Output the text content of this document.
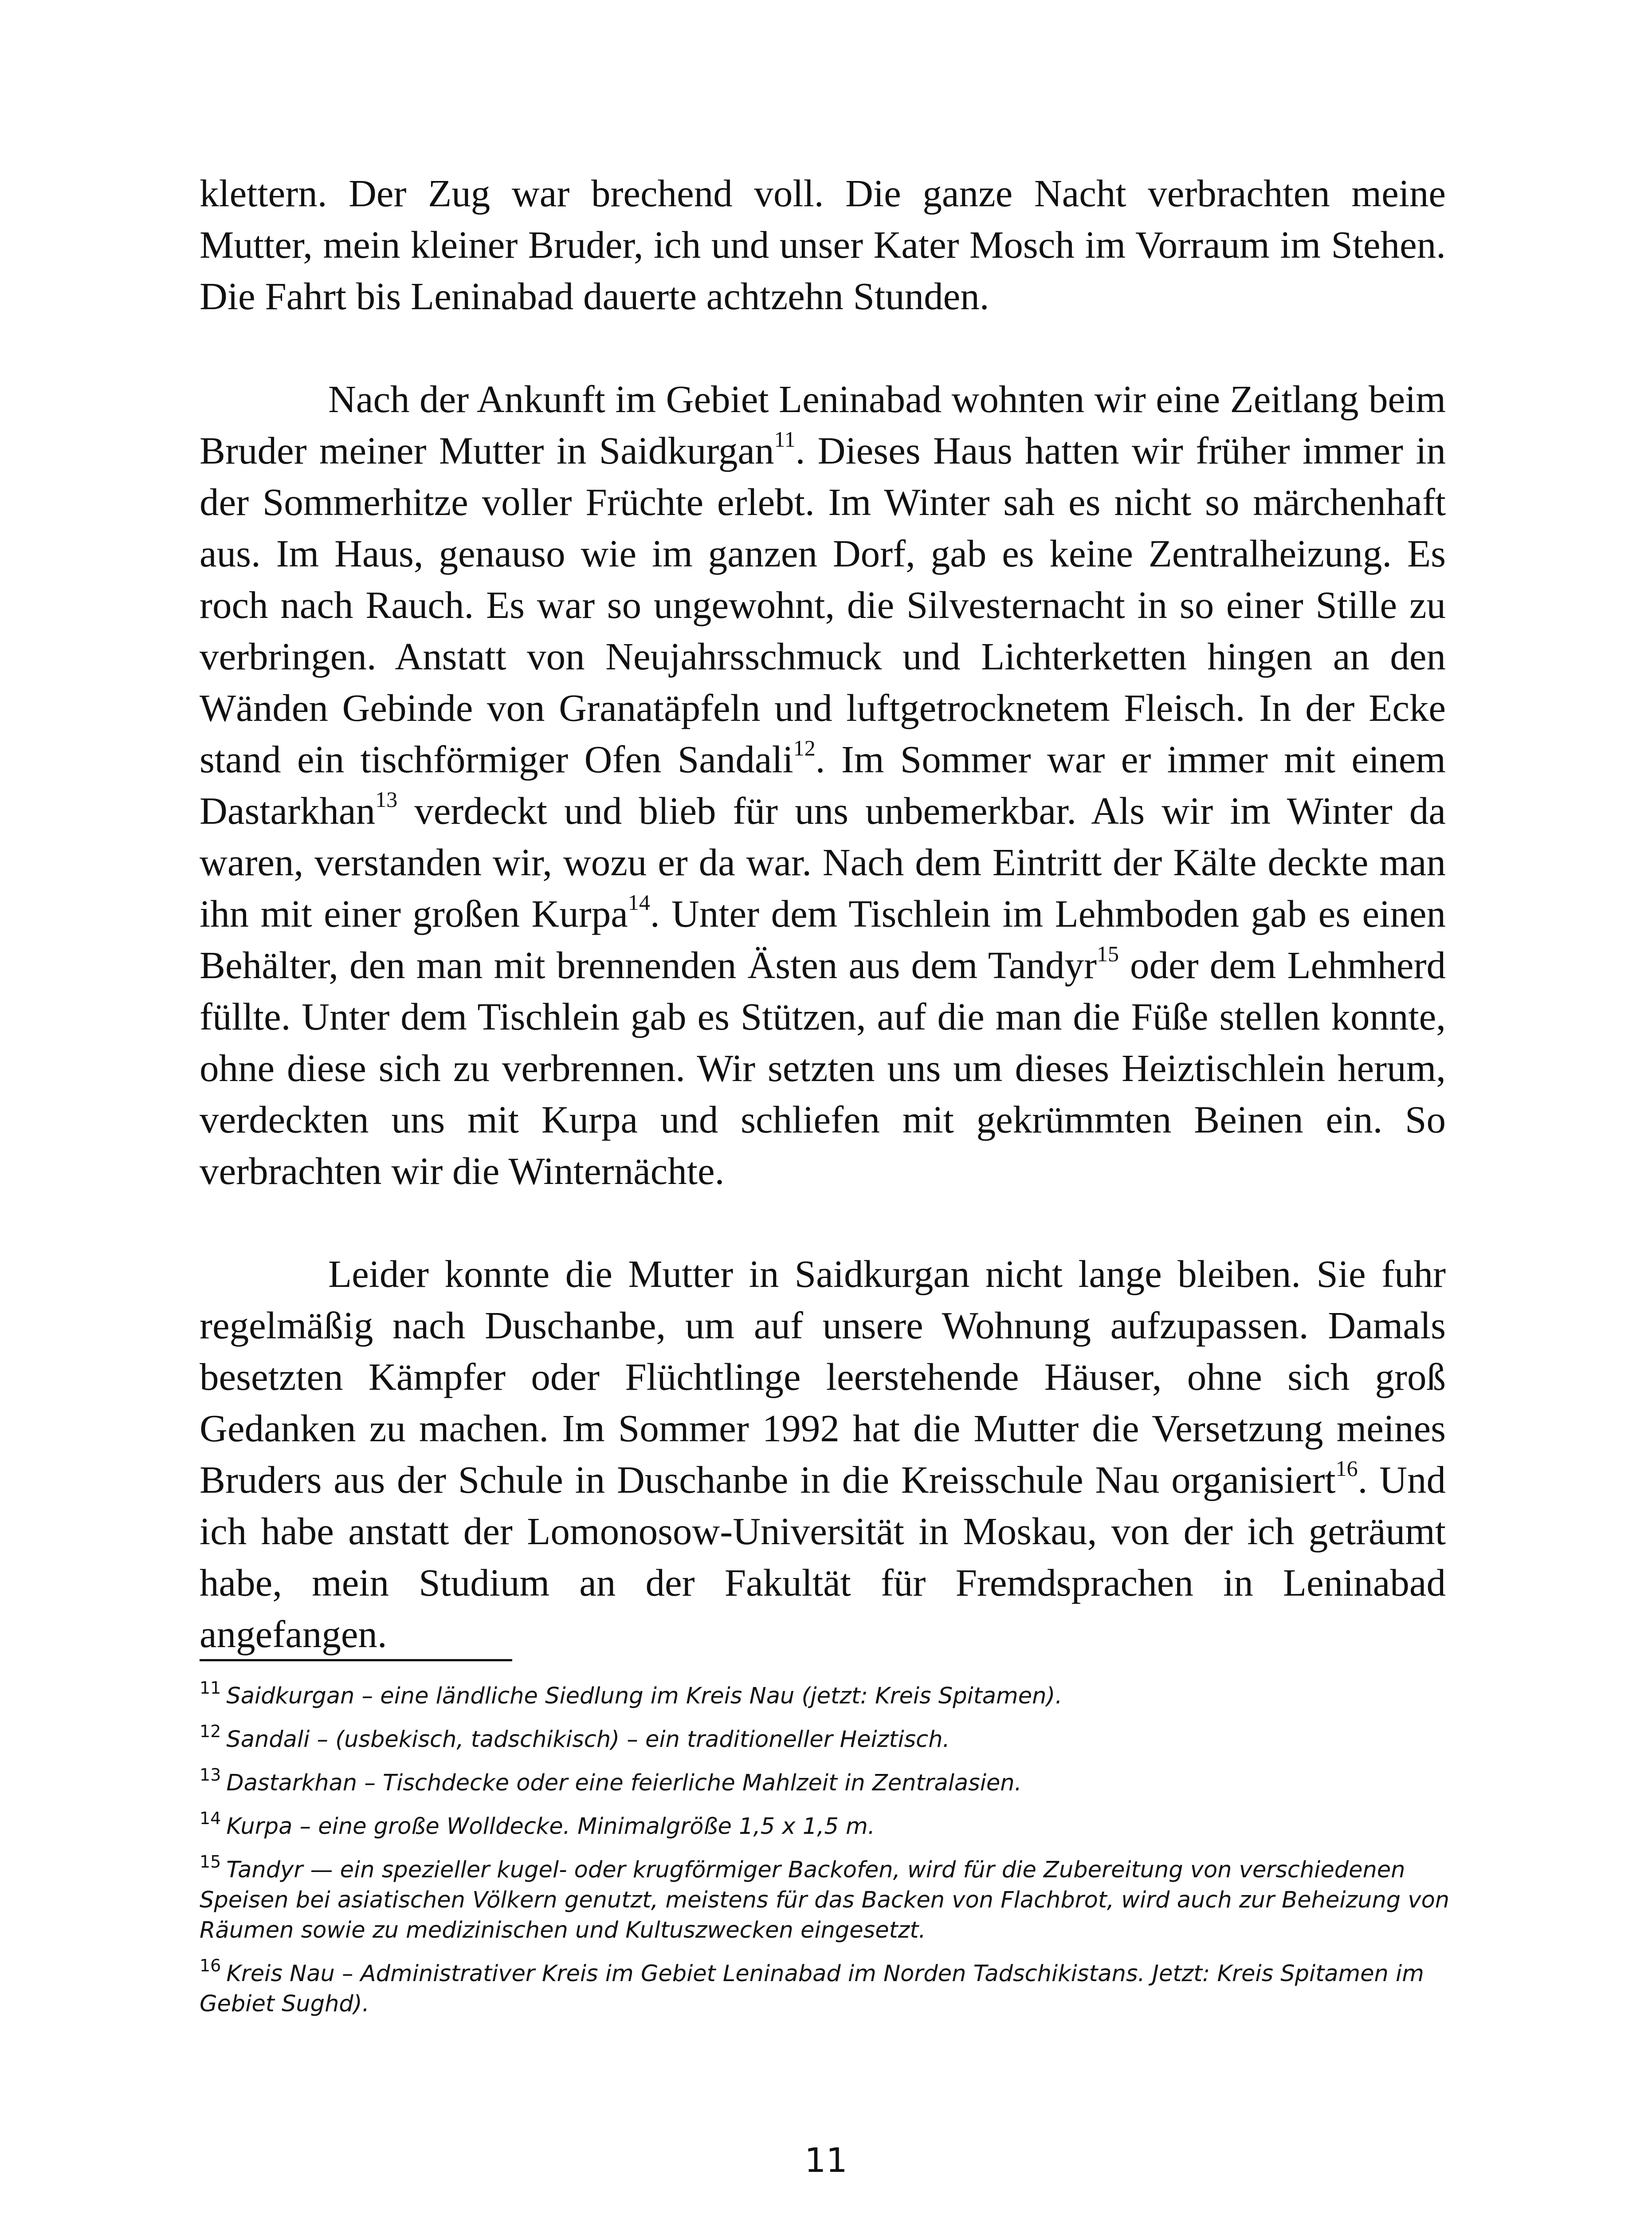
klettern. Der Zug war brechend voll. Die ganze Nacht verbrachten meine Mutter, mein kleiner Bruder, ich und unser Kater Mosch im Vorraum im Stehen. Die Fahrt bis Leninabad dauerte achtzehn Stunden.

Nach der Ankunft im Gebiet Leninabad wohnten wir eine Zeitlang beim Bruder meiner Mutter in Saidkurgan$^{11}$. Dieses Haus hatten wir früher immer in der Sommerhitze voller Früchte erlebt. Im Winter sah es nicht so märchenhaft aus. Im Haus, genauso wie im ganzen Dorf, gab es keine Zentralheizung. Es roch nach Rauch. Es war so ungewohnt, die Silvesternacht in so einer Stille zu verbringen. Anstatt von Neujahrsschmuck und Lichterketten hingen an den Wänden Gebinde von Granatäpfeln und luftgetrocknetem Fleisch. In der Ecke stand ein tischförmiger Ofen Sandali$^{12}$. Im Sommer war er immer mit einem Dastarkhan$^{13}$ verdeckt und blieb für uns unbemerkbar. Als wir im Winter da waren, verstanden wir, wozu er da war. Nach dem Eintritt der Kälte deckte man ihn mit einer großen Kurpa$^{14}$. Unter dem Tischlein im Lehmboden gab es einen Behälter, den man mit brennenden Ästen aus dem Tandyr$^{15}$ oder dem Lehmherd füllte. Unter dem Tischlein gab es Stützen, auf die man die Füße stellen konnte, ohne diese sich zu verbrennen. Wir setzten uns um dieses Heiztischlein herum, verdeckten uns mit Kurpa und schliefen mit gekrümmten Beinen ein. So verbrachten wir die Winternächte.

Leider konnte die Mutter in Saidkurgan nicht lange bleiben. Sie fuhr regelmäßig nach Duschanbe, um auf unsere Wohnung aufzupassen. Damals besetzten Kämpfer oder Flüchtlinge leerstehende Häuser, ohne sich groß Gedanken zu machen. Im Sommer 1992 hat die Mutter die Versetzung meines Bruders aus der Schule in Duschanbe in die Kreisschule Nau organisiert$^{16}$. Und ich habe anstatt der Lomonosow-Universität in Moskau, von der ich geträumt habe, mein Studium an der Fakultät für Fremdsprachen in Leninabad angefangen.

$^{11}$ Saidkurgan – eine ländliche Siedlung im Kreis Nau (jetzt: Kreis Spitamen).
$^{12}$ Sandali – (usbekisch, tadschikisch) – ein traditioneller Heiztisch.
$^{13}$ Dastarkhan – Tischdecke oder eine feierliche Mahlzeit in Zentralasien.
$^{14}$ Kurpa – eine große Wolldecke. Minimalgröße 1,5 x 1,5 m.
$^{15}$ Tandyr — ein spezieller kugel- oder krugförmiger Backofen, wird für die Zubereitung von verschiedenen Speisen bei asiatischen Völkern genutzt, meistens für das Backen von Flachbrot, wird auch zur Beheizung von Räumen sowie zu medizinischen und Kultuszwecken eingesetzt.
$^{16}$ Kreis Nau – Administrativer Kreis im Gebiet Leninabad im Norden Tadschikistans. Jetzt: Kreis Spitamen im Gebiet Sughd).
11
